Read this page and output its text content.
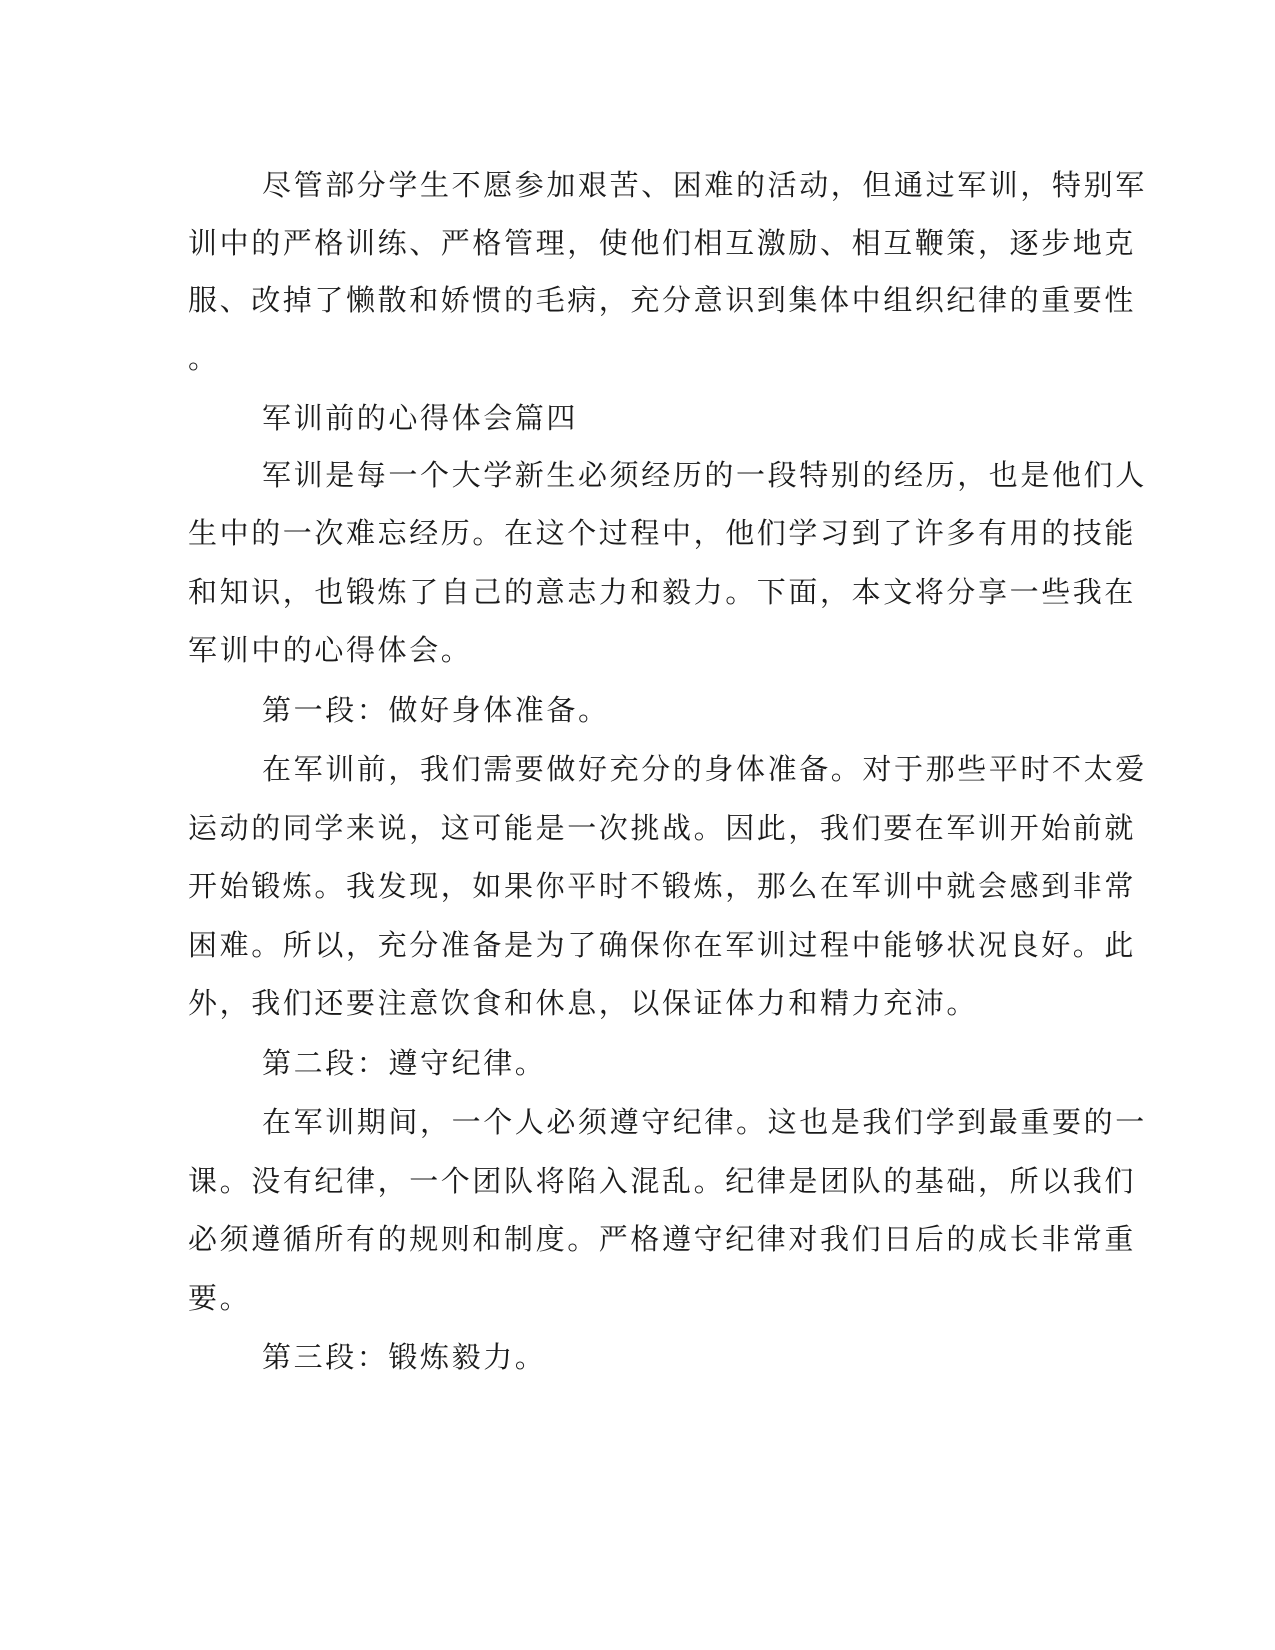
尽管部分学生不愿参加艰苦、困难的活动，但通过军训，特别军

训中的严格训练、严格管理，使他们相互激励、相互鞭策，逐步地克

服、改掉了懒散和娇惯的毛病，充分意识到集体中组织纪律的重要性

。

军训前的心得体会篇四

军训是每一个大学新生必须经历的一段特别的经历，也是他们人

生中的一次难忘经历。在这个过程中，他们学习到了许多有用的技能

和知识，也锻炼了自己的意志力和毅力。下面，本文将分享一些我在

军训中的心得体会。

第一段：做好身体准备。

在军训前，我们需要做好充分的身体准备。对于那些平时不太爱

运动的同学来说，这可能是一次挑战。因此，我们要在军训开始前就

开始锻炼。我发现，如果你平时不锻炼，那么在军训中就会感到非常

困难。所以，充分准备是为了确保你在军训过程中能够状况良好。此

外，我们还要注意饮食和休息，以保证体力和精力充沛。

第二段：遵守纪律。

在军训期间，一个人必须遵守纪律。这也是我们学到最重要的一

课。没有纪律，一个团队将陷入混乱。纪律是团队的基础，所以我们

必须遵循所有的规则和制度。严格遵守纪律对我们日后的成长非常重

要。

第三段：锻炼毅力。
